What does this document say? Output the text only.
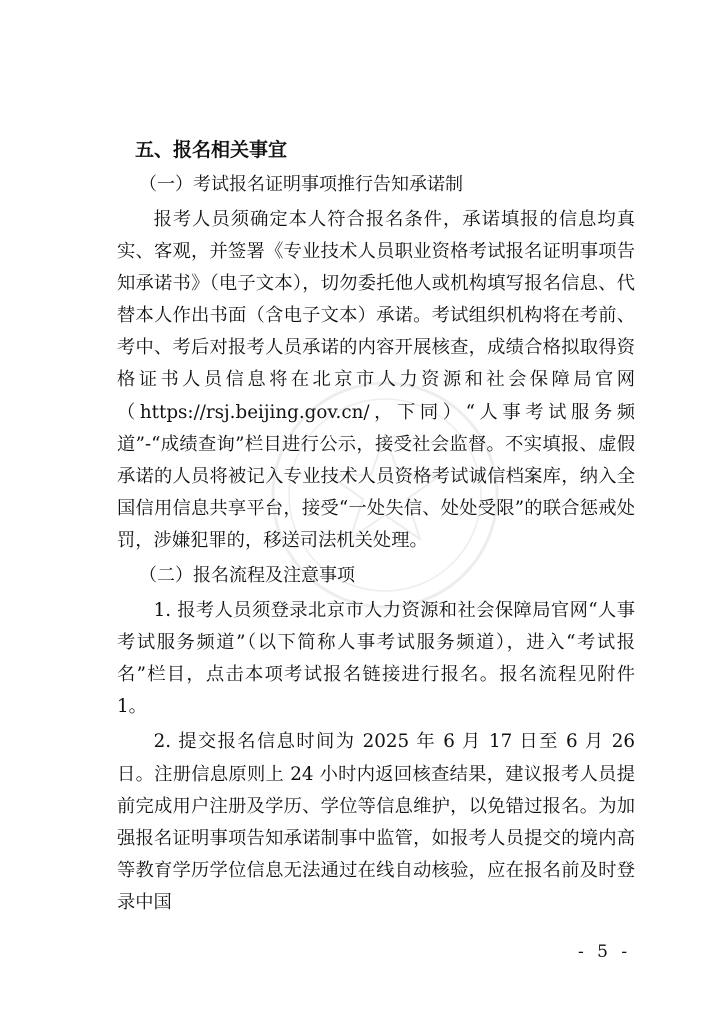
五、报名相关事宜
（一）考试报名证明事项推行告知承诺制

报考人员须确定本人符合报名条件，承诺填报的信息均真实、客观，并签署《专业技术人员职业资格考试报名证明事项告知承诺书》（电子文本），切勿委托他人或机构填写报名信息、代替本人作出书面（含电子文本）承诺。考试组织机构将在考前、考中、考后对报考人员承诺的内容开展核查，成绩合格拟取得资格证书人员信息将在北京市人力资源和社会保障局官网（https://rsj.beijing.gov.cn/，下同）“人事考试服务频道”-“成绩查询”栏目进行公示，接受社会监督。不实填报、虚假承诺的人员将被记入专业技术人员资格考试诚信档案库，纳入全国信用信息共享平台，接受“一处失信、处处受限”的联合惩戒处罚，涉嫌犯罪的，移送司法机关处理。

（二）报名流程及注意事项

1. 报考人员须登录北京市人力资源和社会保障局官网“人事考试服务频道”（以下简称人事考试服务频道），进入“考试报名”栏目，点击本项考试报名链接进行报名。报名流程见附件 1。

2. 提交报名信息时间为 2025 年 6 月 17 日至 6 月 26 日。注册信息原则上 24 小时内返回核查结果，建议报考人员提前完成用户注册及学历、学位等信息维护，以免错过报名。为加强报名证明事项告知承诺制事中监管，如报考人员提交的境内高等教育学历学位信息无法通过在线自动核验，应在报名前及时登录中国

- 5 -
